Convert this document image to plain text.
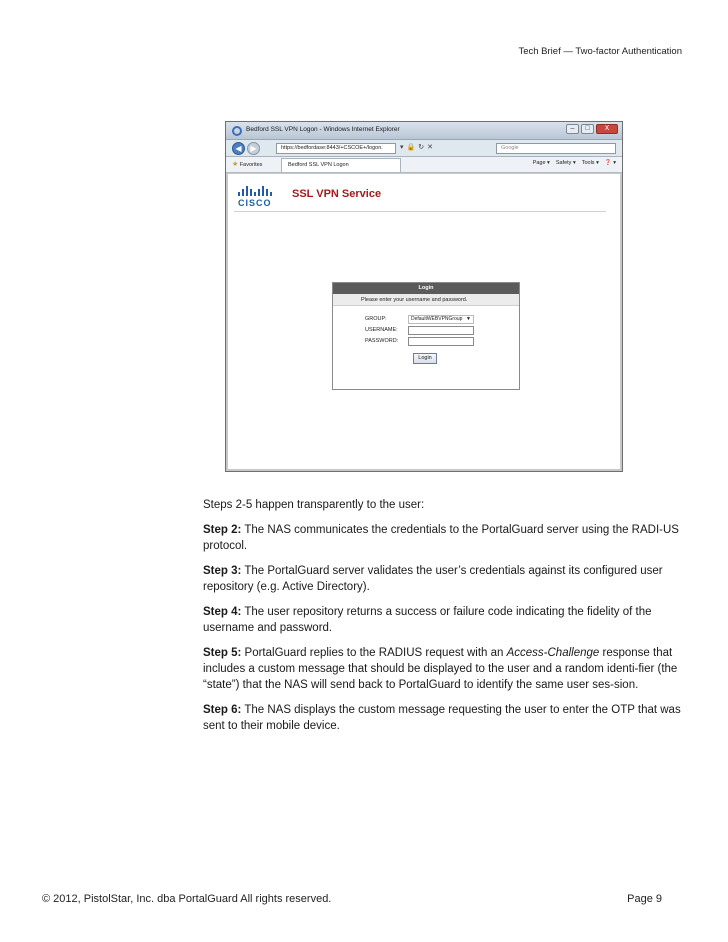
Tech Brief — Two-factor Authentication
Bedford SSL VPN Logon - Windows Internet Explorer	–	□	X
◀	▶	https://bedfordase:8443/+CSCOE+/logon.	▾🔒↻✕	Google
★ Favorites	Bedford SSL VPN Logon	Page ▾ Safety ▾ Tools ▾ ❓ ▾
CISCO
SSL VPN Service
Login
Please enter your username and password.
GROUP:	DefaultWEBVPNGroup ▼
USERNAME:
PASSWORD:
Login

Steps 2-5 happen transparently to the user:

Step 2: The NAS communicates the credentials to the PortalGuard server using the RADI-US protocol.

Step 3: The PortalGuard server validates the user’s credentials against its configured user repository (e.g. Active Directory).

Step 4: The user repository returns a success or failure code indicating the fidelity of the username and password.

Step 5: PortalGuard replies to the RADIUS request with an Access-Challenge response that includes a custom message that should be displayed to the user and a random identi-fier (the “state”) that the NAS will send back to PortalGuard to identify the same user ses-sion.

Step 6: The NAS displays the custom message requesting the user to enter the OTP that was sent to their mobile device.

© 2012, PistolStar, Inc. dba PortalGuard All rights reserved.	Page 9
